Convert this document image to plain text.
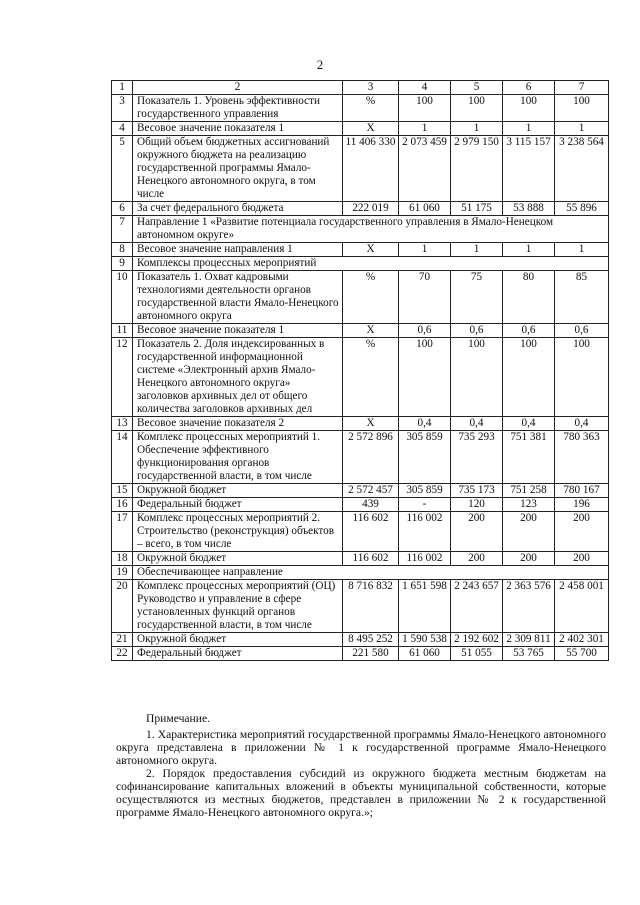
2
1	2	3	4	5	6	7
3	Показатель 1. Уровень эффективности государственного управления	%	100	100	100	100
4	Весовое значение показателя 1	Х	1	1	1	1
5	Общий объем бюджетных ассигнований окружного бюджета на реализацию государственной программы Ямало-Ненецкого автономного округа, в том числе	11 406 330	2 073 459	2 979 150	3 115 157	3 238 564
6	За счет федерального бюджета	222 019	61 060	51 175	53 888	55 896
7	Направление 1 «Развитие потенциала государственного управления в Ямало-Ненецком автономном округе»					
8	Весовое значение направления 1	Х	1	1	1	1
9	Комплексы процессных мероприятий					
10	Показатель 1. Охват кадровыми технологиями деятельности органов государственной власти Ямало-Ненецкого автономного округа	%	70	75	80	85
11	Весовое значение показателя 1	Х	0,6	0,6	0,6	0,6
12	Показатель 2. Доля индексированных в государственной информационной системе «Электронный архив Ямало-Ненецкого автономного округа» заголовков архивных дел от общего количества заголовков архивных дел	%	100	100	100	100
13	Весовое значение показателя 2	Х	0,4	0,4	0,4	0,4
14	Комплекс процессных мероприятий 1. Обеспечение эффективного функционирования органов государственной власти, в том числе	2 572 896	305 859	735 293	751 381	780 363
15	Окружной бюджет	2 572 457	305 859	735 173	751 258	780 167
16	Федеральный бюджет	439	-	120	123	196
17	Комплекс процессных мероприятий 2. Строительство (реконструкция) объектов – всего, в том числе	116 602	116 002	200	200	200
18	Окружной бюджет	116 602	116 002	200	200	200
19	Обеспечивающее направление					
20	Комплекс процессных мероприятий (ОЦ) Руководство и управление в сфере установленных функций органов государственной власти, в том числе	8 716 832	1 651 598	2 243 657	2 363 576	2 458 001
21	Окружной бюджет	8 495 252	1 590 538	2 192 602	2 309 811	2 402 301
22	Федеральный бюджет	221 580	61 060	51 055	53 765	55 700

Примечание.

1. Характеристика мероприятий государственной программы Ямало-Ненецкого автономного округа представлена в приложении № 1 к государственной программе Ямало-Ненецкого автономного округа.

2. Порядок предоставления субсидий из окружного бюджета местным бюджетам на софинансирование капитальных вложений в объекты муниципальной собственности, которые осуществляются из местных бюджетов, представлен в приложении № 2 к государственной программе Ямало-Ненецкого автономного округа.»;
